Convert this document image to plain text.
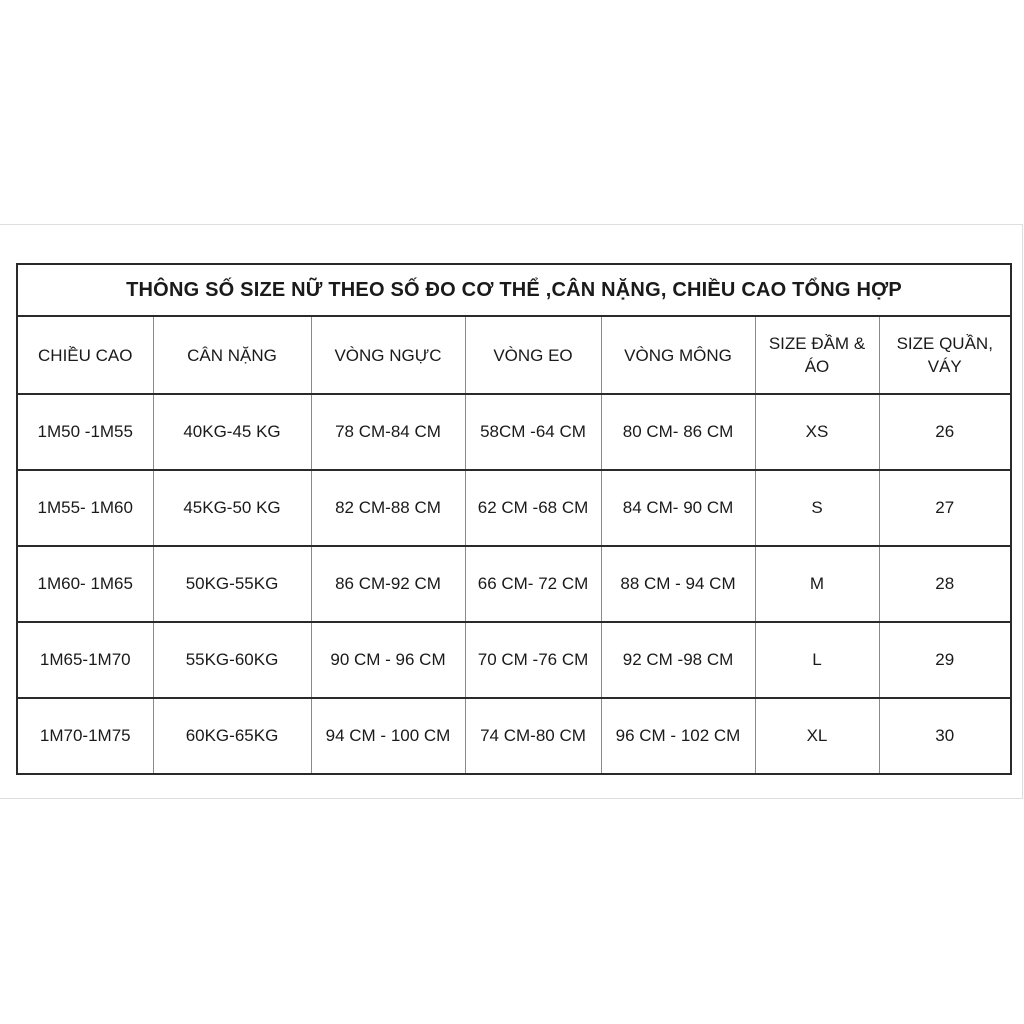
THÔNG SỐ SIZE NỮ THEO SỐ ĐO CƠ THỂ ,CÂN NẶNG, CHIỀU CAO TỔNG HỢP						
CHIỀU CAO	CÂN NẶNG	VÒNG NGỰC	VÒNG EO	VÒNG MÔNG	SIZE ĐẦM & ÁO	SIZE QUẦN, VÁY
1M50 -1M55	40KG-45 KG	78 CM-84 CM	58CM -64 CM	80 CM- 86 CM	XS	26
1M55- 1M60	45KG-50 KG	82 CM-88 CM	62 CM -68 CM	84 CM- 90 CM	S	27
1M60- 1M65	50KG-55KG	86 CM-92 CM	66 CM- 72 CM	88 CM - 94 CM	M	28
1M65-1M70	55KG-60KG	90 CM - 96 CM	70 CM -76 CM	92 CM -98 CM	L	29
1M70-1M75	60KG-65KG	94 CM - 100 CM	74 CM-80 CM	96 CM - 102 CM	XL	30
